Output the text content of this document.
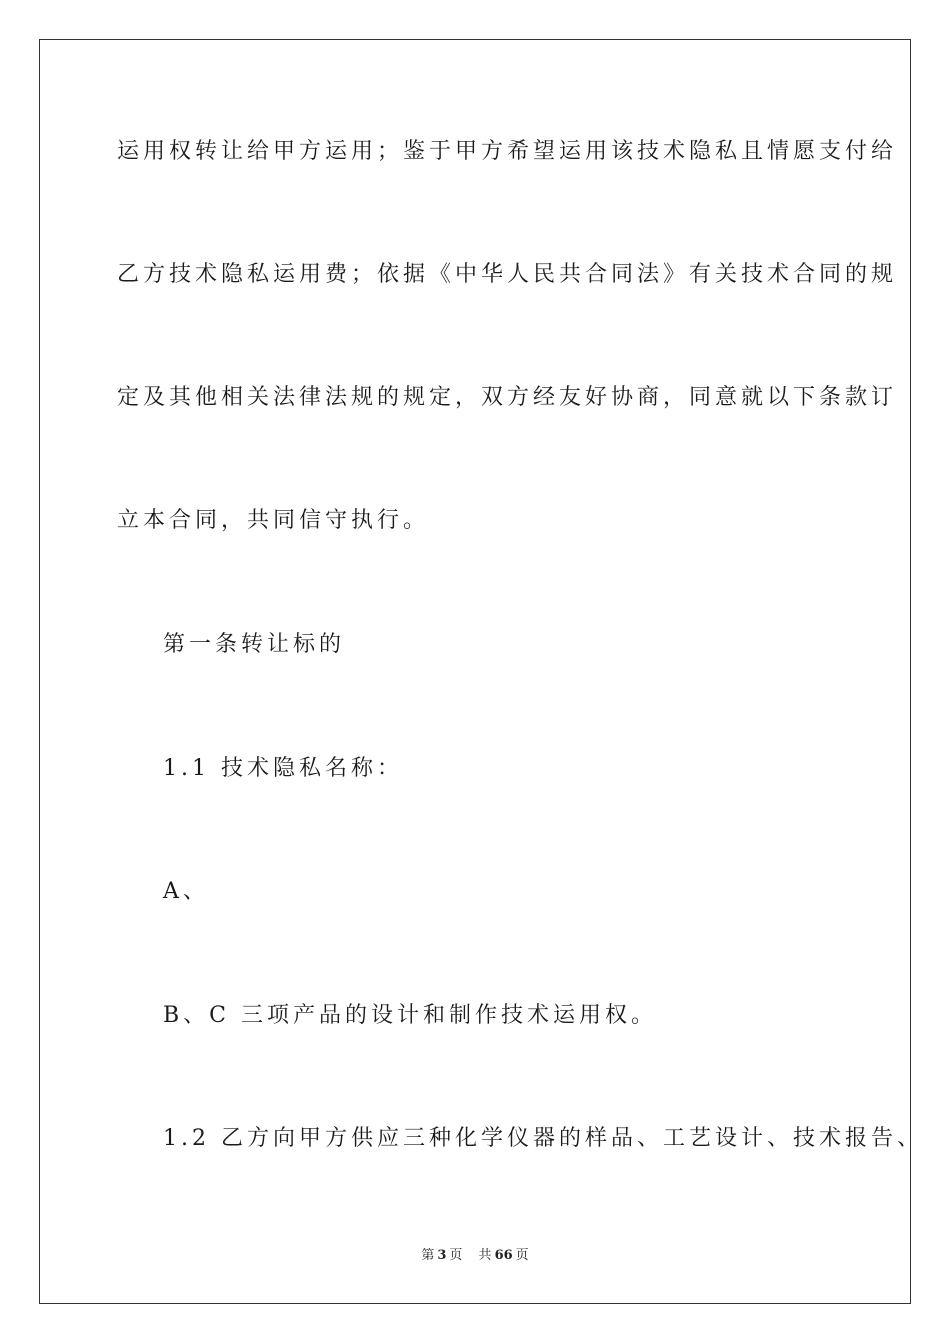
运用权转让给甲方运用；鉴于甲方希望运用该技术隐私且情愿支付给
乙方技术隐私运用费；依据《中华人民共合同法》有关技术合同的规
定及其他相关法律法规的规定，双方经友好协商，同意就以下条款订
立本合同，共同信守执行。
第一条转让标的
1.1 技术隐私名称：
A、
B、C 三项产品的设计和制作技术运用权。
1.2 乙方向甲方供应三种化学仪器的样品、工艺设计、技术报告、
第 3 页 共 66 页
